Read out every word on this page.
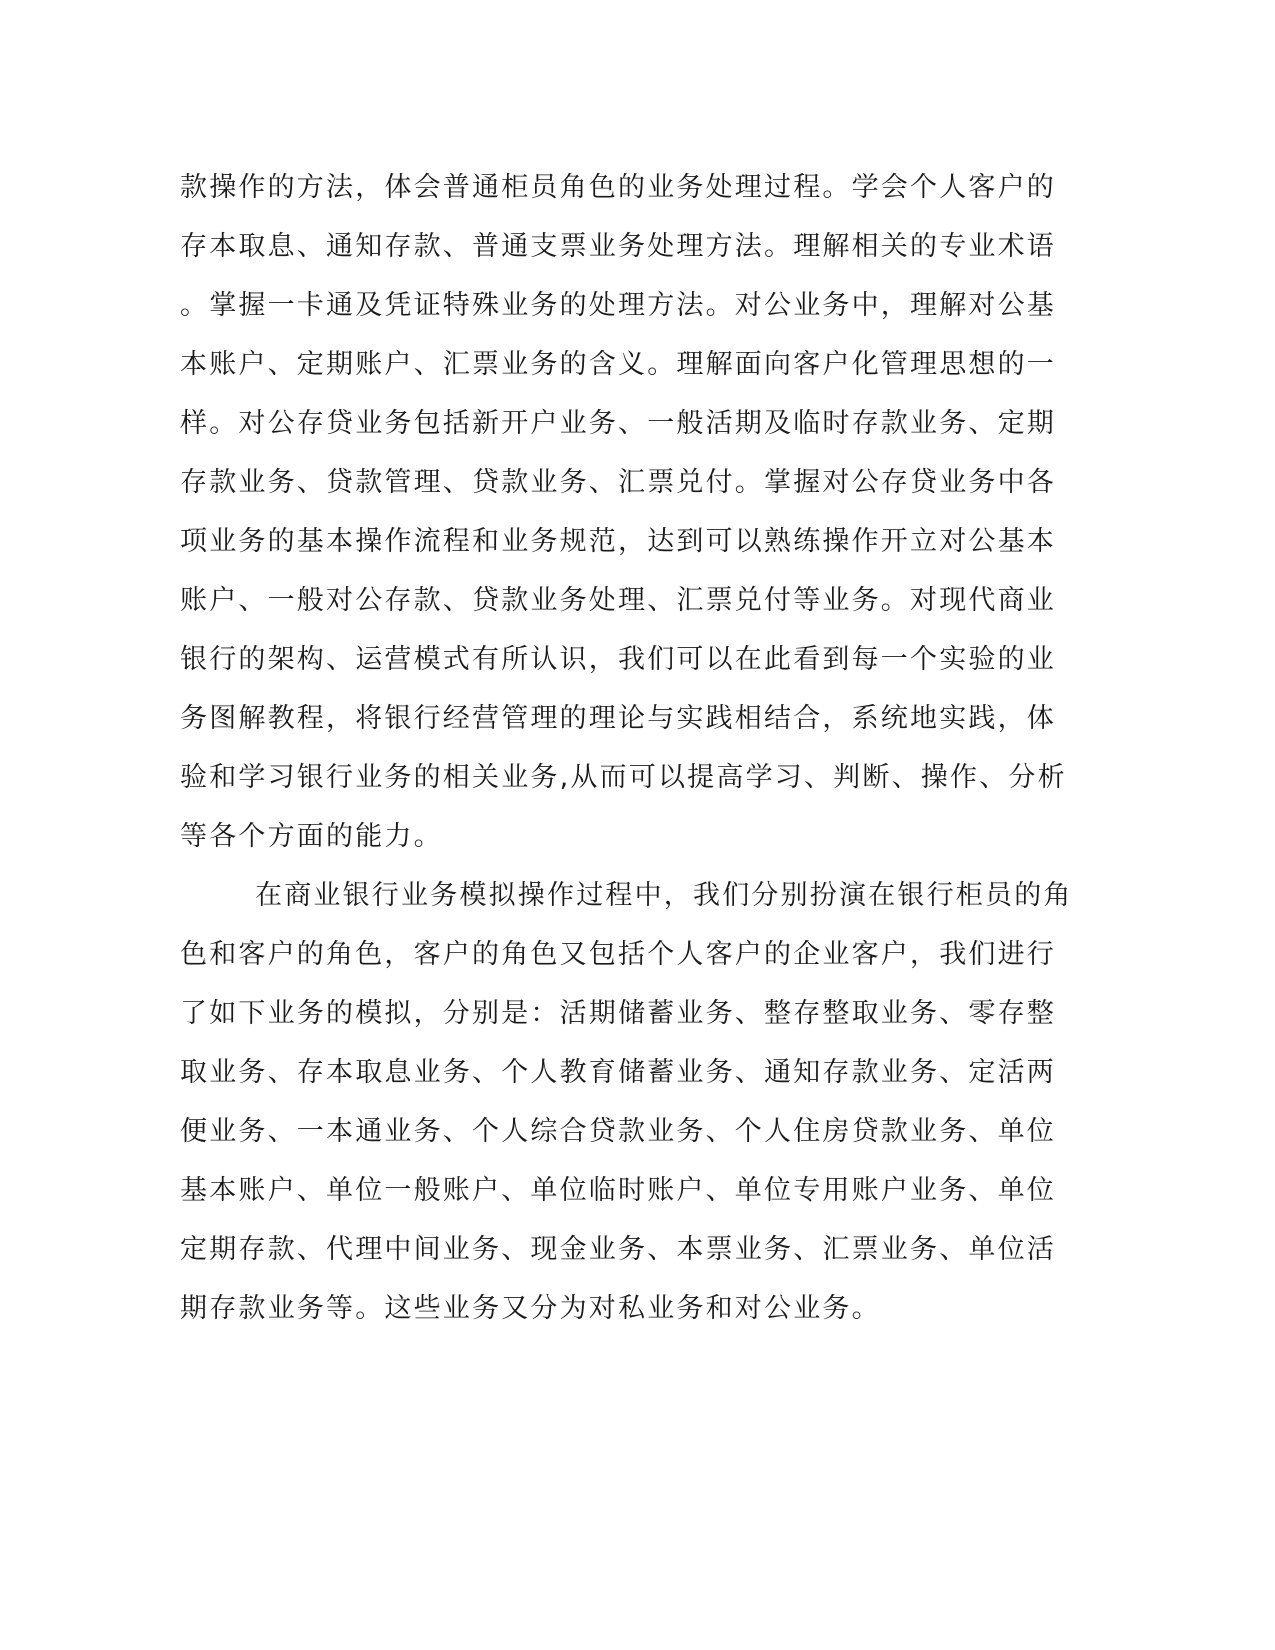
款操作的方法，体会普通柜员角色的业务处理过程。学会个人客户的
存本取息、通知存款、普通支票业务处理方法。理解相关的专业术语
。掌握一卡通及凭证特殊业务的处理方法。对公业务中，理解对公基
本账户、定期账户、汇票业务的含义。理解面向客户化管理思想的一
样。对公存贷业务包括新开户业务、一般活期及临时存款业务、定期
存款业务、贷款管理、贷款业务、汇票兑付。掌握对公存贷业务中各
项业务的基本操作流程和业务规范，达到可以熟练操作开立对公基本
账户、一般对公存款、贷款业务处理、汇票兑付等业务。对现代商业
银行的架构、运营模式有所认识，我们可以在此看到每一个实验的业
务图解教程，将银行经营管理的理论与实践相结合，系统地实践，体
验和学习银行业务的相关业务,从而可以提高学习、判断、操作、分析
等各个方面的能力。
在商业银行业务模拟操作过程中，我们分别扮演在银行柜员的角
色和客户的角色，客户的角色又包括个人客户的企业客户，我们进行
了如下业务的模拟，分别是：活期储蓄业务、整存整取业务、零存整
取业务、存本取息业务、个人教育储蓄业务、通知存款业务、定活两
便业务、一本通业务、个人综合贷款业务、个人住房贷款业务、单位
基本账户、单位一般账户、单位临时账户、单位专用账户业务、单位
定期存款、代理中间业务、现金业务、本票业务、汇票业务、单位活
期存款业务等。这些业务又分为对私业务和对公业务。
